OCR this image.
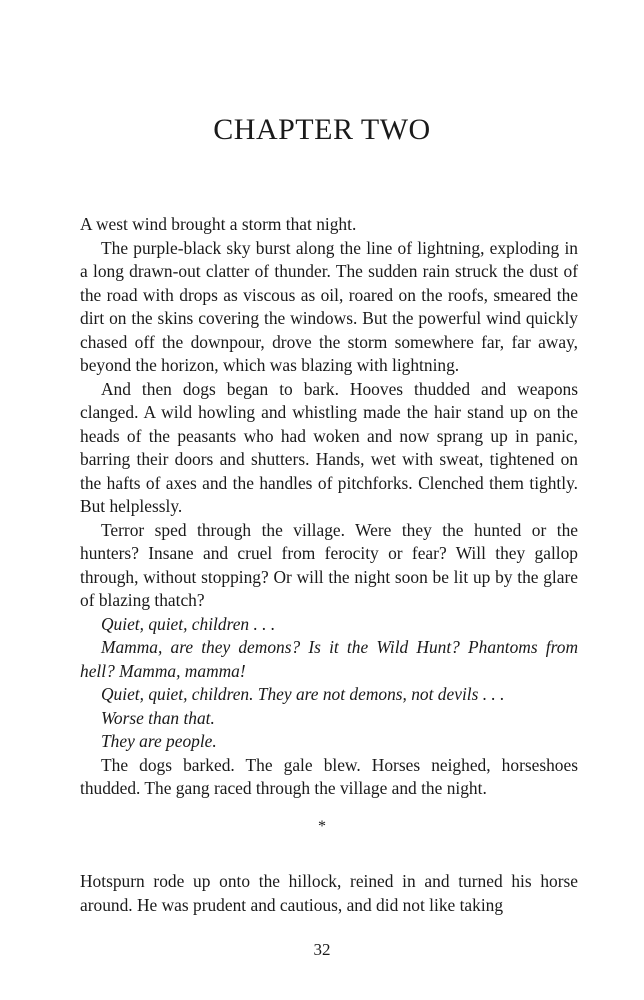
CHAPTER TWO

A west wind brought a storm that night.

The purple-black sky burst along the line of lightning, exploding in a long drawn-out clatter of thunder. The sudden rain struck the dust of the road with drops as viscous as oil, roared on the roofs, smeared the dirt on the skins covering the windows. But the powerful wind quickly chased off the downpour, drove the storm somewhere far, far away, beyond the horizon, which was blazing with lightning.

And then dogs began to bark. Hooves thudded and weapons clanged. A wild howling and whistling made the hair stand up on the heads of the peasants who had woken and now sprang up in panic, barring their doors and shutters. Hands, wet with sweat, tightened on the hafts of axes and the handles of pitchforks. Clenched them tightly. But helplessly.

Terror sped through the village. Were they the hunted or the hunters? Insane and cruel from ferocity or fear? Will they gallop through, without stopping? Or will the night soon be lit up by the glare of blazing thatch?

Quiet, quiet, children . . .

Mamma, are they demons? Is it the Wild Hunt? Phantoms from hell? Mamma, mamma!

Quiet, quiet, children. They are not demons, not devils . . .

Worse than that.

They are people.

The dogs barked. The gale blew. Horses neighed, horseshoes thudded. The gang raced through the village and the night.

*

Hotspurn rode up onto the hillock, reined in and turned his horse around. He was prudent and cautious, and did not like taking

32
